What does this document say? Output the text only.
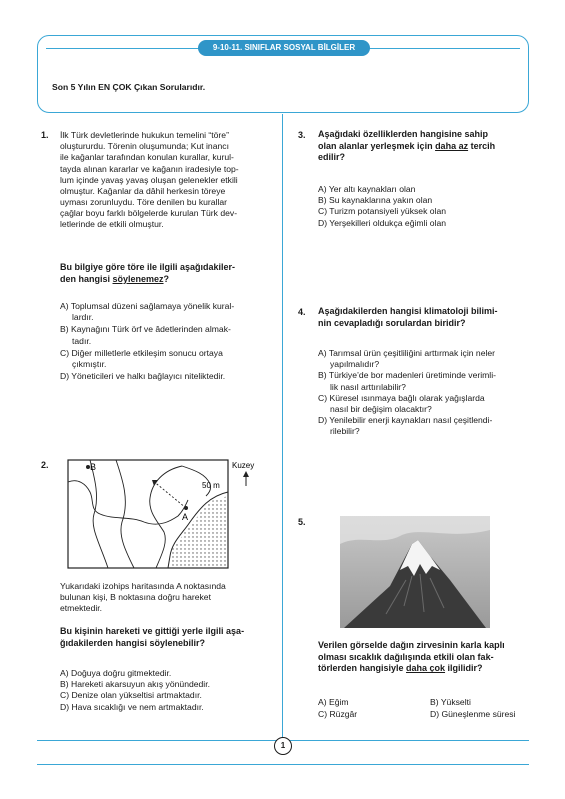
9-10-11. SINIFLAR SOSYAL BİLGİLER
Son 5 Yılın EN ÇOK Çıkan Sorularıdır.
1. İlk Türk devletlerinde hukukun temelini “töre”
oluştururdu. Törenin oluşumunda; Kut inancı
ile kağanlar tarafından konulan kurallar, kurul-
tayda alınan kararlar ve kağanın iradesiyle top-
lum içinde yavaş yavaş oluşan gelenekler etkili
olmuştur. Kağanlar da dâhil herkesin töreye
uyması zorunluydu. Töre denilen bu kurallar
çağlar boyu farklı bölgelerde kurulan Türk dev-
letlerinde de etkili olmuştur.
Bu bilgiye göre töre ile ilgili aşağıdakiler-
den hangisi söylenemez?
A) Toplumsal düzeni sağlamaya yönelik kural-
lardır.
B) Kaynağını Türk örf ve âdetlerinden almak-
tadır.
C) Diğer milletlerle etkileşim sonucu ortaya
çıkmıştır.
D) Yöneticileri ve halkı bağlayıcı niteliktedir.
2.	B
A
50 m
Kuzey
Yukarıdaki izohips haritasında A noktasında
bulunan kişi, B noktasına doğru hareket
etmektedir.
Bu kişinin hareketi ve gittiği yerle ilgili aşa-
ğıdakilerden hangisi söylenebilir?
A) Doğuya doğru gitmektedir.
B) Hareketi akarsuyun akış yönündedir.
C) Denize olan yükseltisi artmaktadır.
D) Hava sıcaklığı ve nem artmaktadır.
3. Aşağıdaki özelliklerden hangisine sahip
olan alanlar yerleşmek için daha az tercih
edilir?
A) Yer altı kaynakları olan
B) Su kaynaklarına yakın olan
C) Turizm potansiyeli yüksek olan
D) Yerşekilleri oldukça eğimli olan
4. Aşağıdakilerden hangisi klimatoloji bilimi-
nin cevapladığı sorulardan biridir?
A) Tarımsal ürün çeşitliliğini arttırmak için neler
yapılmalıdır?
B) Türkiye’de bor madenleri üretiminde verimli-
lik nasıl arttırılabilir?
C) Küresel ısınmaya bağlı olarak yağışlarda
nasıl bir değişim olacaktır?
D) Yenilebilir enerji kaynakları nasıl çeşitlendi-
rilebilir?
5.
Verilen görselde dağın zirvesinin karla kaplı
olması sıcaklık dağılışında etkili olan fak-
törlerden hangisiyle daha çok ilgilidir?
A) Eğim	B) Yükselti
C) Rüzgâr	D) Güneşlenme süresi
1
